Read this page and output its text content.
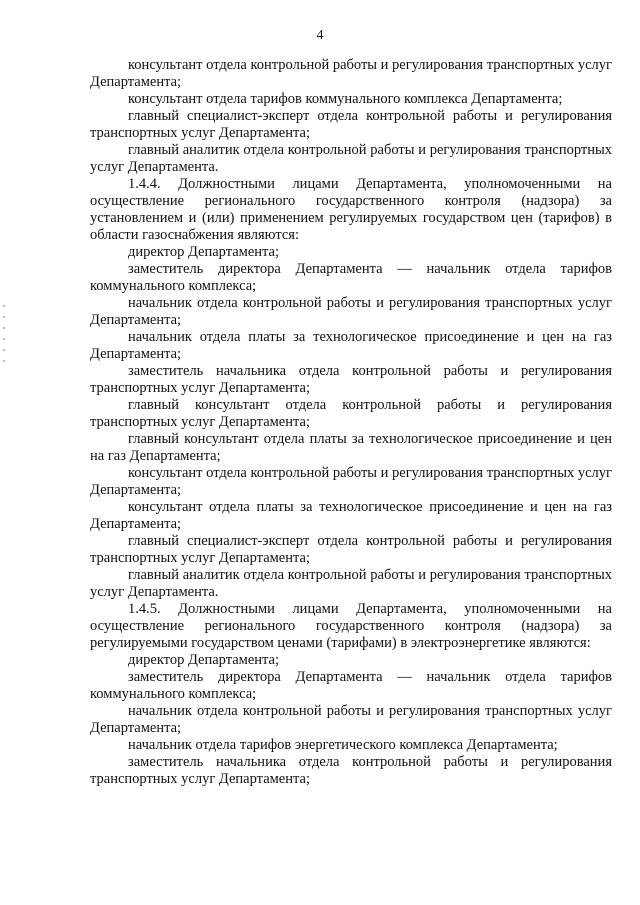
4

консультант отдела контрольной работы и регулирования транспортных услуг Департамента;

консультант отдела тарифов коммунального комплекса Департамента;

главный специалист-эксперт отдела контрольной работы и регулирования транспортных услуг Департамента;

главный аналитик отдела контрольной работы и регулирования транспортных услуг Департамента.

1.4.4. Должностными лицами Департамента, уполномоченными на осуществление регионального государственного контроля (надзора) за установлением и (или) применением регулируемых государством цен (тарифов) в области газоснабжения являются:

директор Департамента;

заместитель директора Департамента — начальник отдела тарифов коммунального комплекса;

начальник отдела контрольной работы и регулирования транспортных услуг Департамента;

начальник отдела платы за технологическое присоединение и цен на газ Департамента;

заместитель начальника отдела контрольной работы и регулирования транспортных услуг Департамента;

главный консультант отдела контрольной работы и регулирования транспортных услуг Департамента;

главный консультант отдела платы за технологическое присоединение и цен на газ Департамента;

консультант отдела контрольной работы и регулирования транспортных услуг Департамента;

консультант отдела платы за технологическое присоединение и цен на газ Департамента;

главный специалист-эксперт отдела контрольной работы и регулирования транспортных услуг Департамента;

главный аналитик отдела контрольной работы и регулирования транспортных услуг Департамента.

1.4.5. Должностными лицами Департамента, уполномоченными на осуществление регионального государственного контроля (надзора) за регулируемыми государством ценами (тарифами) в электроэнергетике являются:

директор Департамента;

заместитель директора Департамента — начальник отдела тарифов коммунального комплекса;

начальник отдела контрольной работы и регулирования транспортных услуг Департамента;

начальник отдела тарифов энергетического комплекса Департамента;

заместитель начальника отдела контрольной работы и регулирования транспортных услуг Департамента;
